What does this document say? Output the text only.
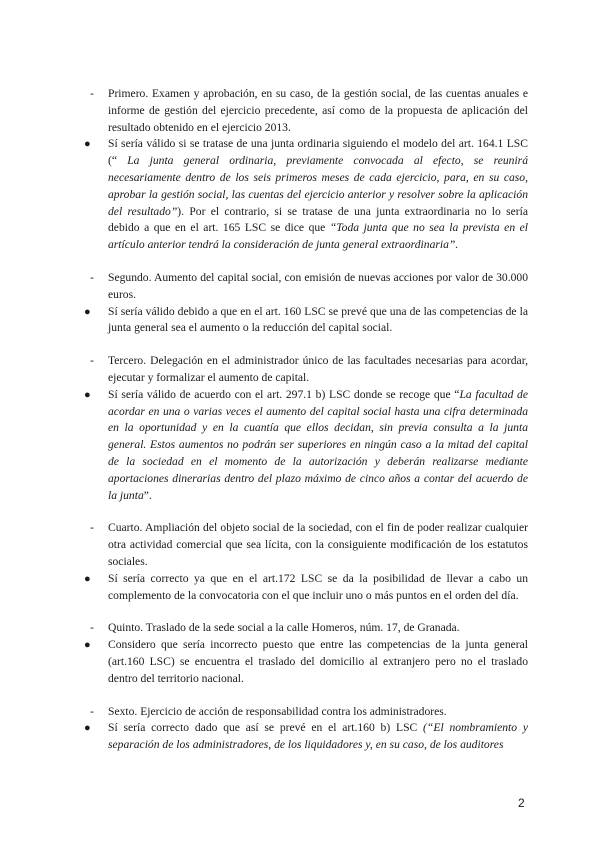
-	Primero. Examen y aprobación, en su caso, de la gestión social, de las cuentas anuales e informe de gestión del ejercicio precedente, así como de la propuesta de aplicación del resultado obtenido en el ejercicio 2013.
●	Sí sería válido si se tratase de una junta ordinaria siguiendo el modelo del art. 164.1 LSC (“ La junta general ordinaria, previamente convocada al efecto, se reunirá necesariamente dentro de los seis primeros meses de cada ejercicio, para, en su caso, aprobar la gestión social, las cuentas del ejercicio anterior y resolver sobre la aplicación del resultado”). Por el contrario, si se tratase de una junta extraordinaria no lo sería debido a que en el art. 165 LSC se dice que “Toda junta que no sea la prevista en el artículo anterior tendrá la consideración de junta general extraordinaria”.
-	Segundo. Aumento del capital social, con emisión de nuevas acciones por valor de 30.000 euros.
●	Sí sería válido debido a que en el art. 160 LSC se prevé que una de las competencias de la junta general sea el aumento o la reducción del capital social.
-	Tercero. Delegación en el administrador único de las facultades necesarias para acordar, ejecutar y formalizar el aumento de capital.
●	Sí sería válido de acuerdo con el art. 297.1 b) LSC donde se recoge que “La facultad de acordar en una o varias veces el aumento del capital social hasta una cifra determinada en la oportunidad y en la cuantía que ellos decidan, sin previa consulta a la junta general. Estos aumentos no podrán ser superiores en ningún caso a la mitad del capital de la sociedad en el momento de la autorización y deberán realizarse mediante aportaciones dinerarias dentro del plazo máximo de cinco años a contar del acuerdo de la junta”.
-	Cuarto. Ampliación del objeto social de la sociedad, con el fin de poder realizar cualquier otra actividad comercial que sea lícita, con la consiguiente modificación de los estatutos sociales.
●	Sí sería correcto ya que en el art.172 LSC se da la posibilidad de llevar a cabo un complemento de la convocatoria con el que incluir uno o más puntos en el orden del día.
-	Quinto. Traslado de la sede social a la calle Homeros, núm. 17, de Granada.
●	Considero que sería incorrecto puesto que entre las competencias de la junta general (art.160 LSC) se encuentra el traslado del domicilio al extranjero pero no el traslado dentro del territorio nacional.
-	Sexto. Ejercicio de acción de responsabilidad contra los administradores.
●	Sí sería correcto dado que así se prevé en el art.160 b) LSC (“El nombramiento y separación de los administradores, de los liquidadores y, en su caso, de los auditores
2
